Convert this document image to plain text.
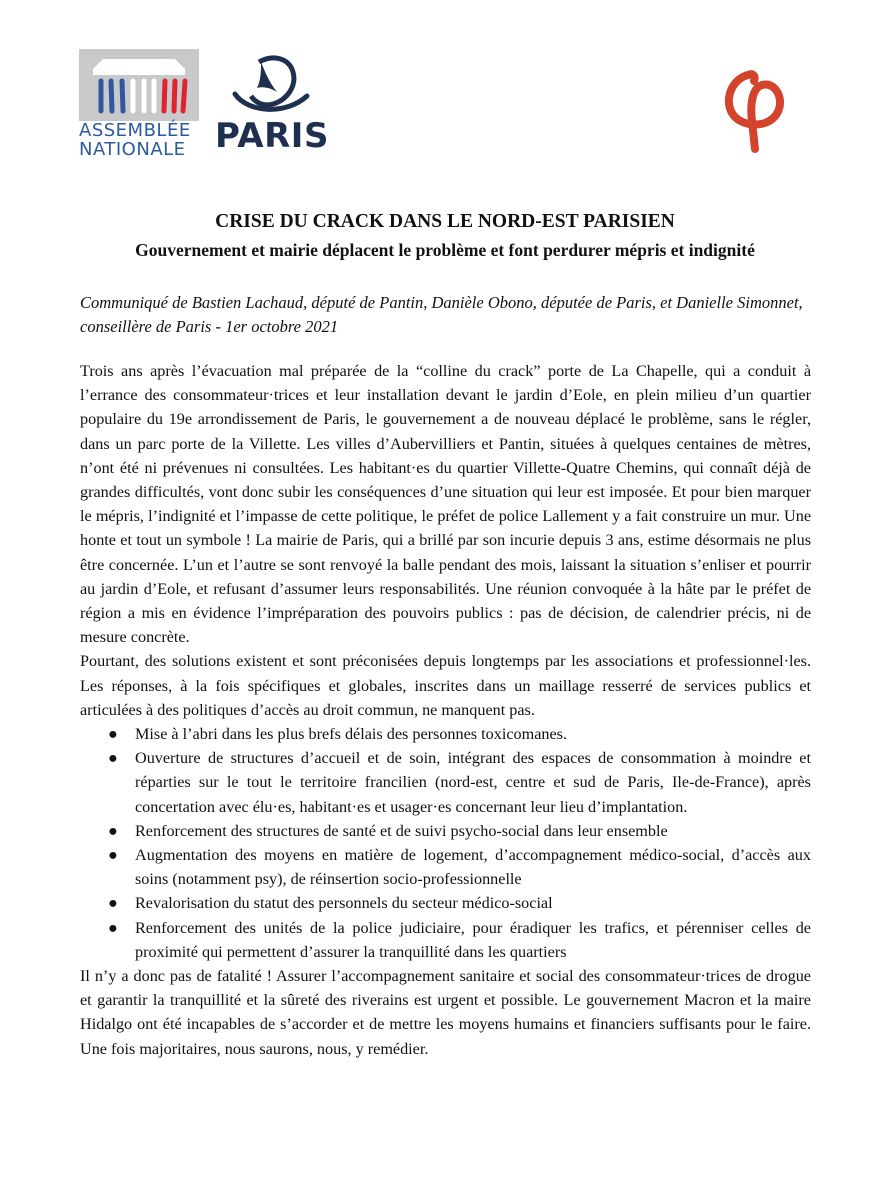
ASSEMBLÉE
NATIONALE PARIS
CRISE DU CRACK DANS LE NORD-EST PARISIEN
Gouvernement et mairie déplacent le problème et font perdurer mépris et indignité
Communiqué de Bastien Lachaud, député de Pantin, Danièle Obono, députée de Paris, et Danielle Simonnet, conseillère de Paris - 1er octobre 2021

Trois ans après l’évacuation mal préparée de la “colline du crack” porte de La Chapelle, qui a conduit à l’errance des consommateur·trices et leur installation devant le jardin d’Eole, en plein milieu d’un quartier populaire du 19e arrondissement de Paris, le gouvernement a de nouveau déplacé le problème, sans le régler, dans un parc porte de la Villette. Les villes d’Aubervilliers et Pantin, situées à quelques centaines de mètres, n’ont été ni prévenues ni consultées. Les habitant·es du quartier Villette-Quatre Chemins, qui connaît déjà de grandes difficultés, vont donc subir les conséquences d’une situation qui leur est imposée. Et pour bien marquer le mépris, l’indignité et l’impasse de cette politique, le préfet de police Lallement y a fait construire un mur. Une honte et tout un symbole ! La mairie de Paris, qui a brillé par son incurie depuis 3 ans, estime désormais ne plus être concernée. L’un et l’autre se sont renvoyé la balle pendant des mois, laissant la situation s’enliser et pourrir au jardin d’Eole, et refusant d’assumer leurs responsabilités. Une réunion convoquée à la hâte par le préfet de région a mis en évidence l’impréparation des pouvoirs publics : pas de décision, de calendrier précis, ni de mesure concrète.

Pourtant, des solutions existent et sont préconisées depuis longtemps par les associations et professionnel·les. Les réponses, à la fois spécifiques et globales, inscrites dans un maillage resserré de services publics et articulées à des politiques d’accès au droit commun, ne manquent pas.

● Mise à l’abri dans les plus brefs délais des personnes toxicomanes.
● Ouverture de structures d’accueil et de soin, intégrant des espaces de consommation à moindre et réparties sur le tout le territoire francilien (nord-est, centre et sud de Paris, Ile-de-France), après concertation avec élu·es, habitant·es et usager·es concernant leur lieu d’implantation.
● Renforcement des structures de santé et de suivi psycho-social dans leur ensemble
● Augmentation des moyens en matière de logement, d’accompagnement médico-social, d’accès aux soins (notamment psy), de réinsertion socio-professionnelle
● Revalorisation du statut des personnels du secteur médico-social
● Renforcement des unités de la police judiciaire, pour éradiquer les trafics, et pérenniser celles de proximité qui permettent d’assurer la tranquillité dans les quartiers

Il n’y a donc pas de fatalité ! Assurer l’accompagnement sanitaire et social des consommateur·trices de drogue et garantir la tranquillité et la sûreté des riverains est urgent et possible. Le gouvernement Macron et la maire Hidalgo ont été incapables de s’accorder et de mettre les moyens humains et financiers suffisants pour le faire. Une fois majoritaires, nous saurons, nous, y remédier.
